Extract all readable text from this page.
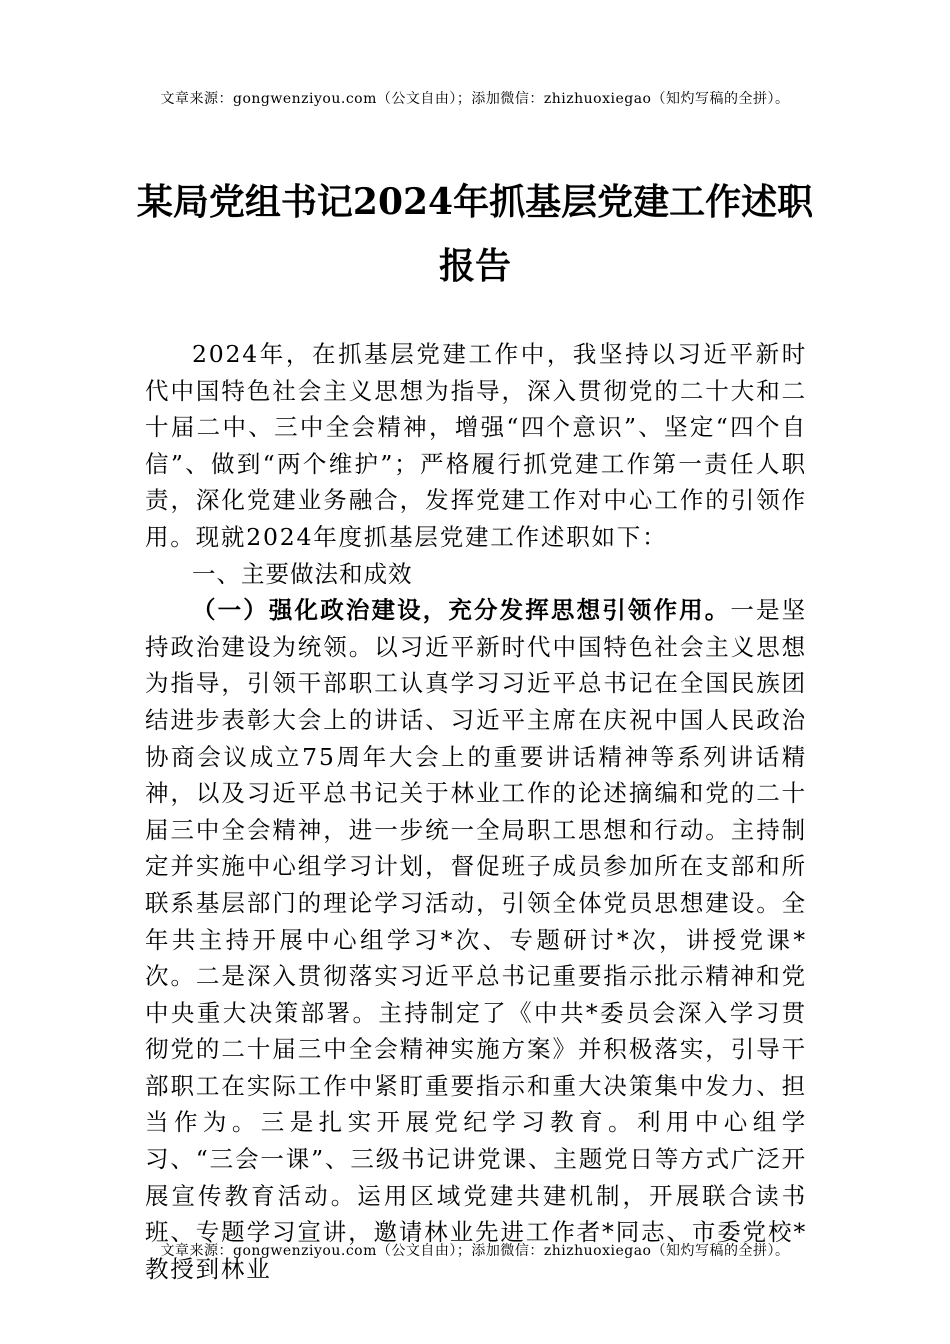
文章来源：gongwenziyou.com（公文自由）；添加微信：zhizhuoxiegao（知灼写稿的全拼）。
某局党组书记2024年抓基层党建工作述职报告

2024年，在抓基层党建工作中，我坚持以习近平新时代中国特色社会主义思想为指导，深入贯彻党的二十大和二十届二中、三中全会精神，增强“四个意识”、坚定“四个自信”、做到“两个维护”；严格履行抓党建工作第一责任人职责，深化党建业务融合，发挥党建工作对中心工作的引领作用。现就2024年度抓基层党建工作述职如下：

一、主要做法和成效

（一）强化政治建设，充分发挥思想引领作用。一是坚持政治建设为统领。以习近平新时代中国特色社会主义思想为指导，引领干部职工认真学习习近平总书记在全国民族团结进步表彰大会上的讲话、习近平主席在庆祝中国人民政治协商会议成立75周年大会上的重要讲话精神等系列讲话精神，以及习近平总书记关于林业工作的论述摘编和党的二十届三中全会精神，进一步统一全局职工思想和行动。主持制定并实施中心组学习计划，督促班子成员参加所在支部和所联系基层部门的理论学习活动，引领全体党员思想建设。全年共主持开展中心组学习*次、专题研讨*次，讲授党课*次。二是深入贯彻落实习近平总书记重要指示批示精神和党中央重大决策部署。主持制定了《中共*委员会深入学习贯彻党的二十届三中全会精神实施方案》并积极落实，引导干部职工在实际工作中紧盯重要指示和重大决策集中发力、担当作为。三是扎实开展党纪学习教育。利用中心组学习、“三会一课”、三级书记讲党课、主题党日等方式广泛开展宣传教育活动。运用区域党建共建机制，开展联合读书班、专题学习宣讲，邀请林业先进工作者*同志、市委党校*教授到林业

文章来源：gongwenziyou.com（公文自由）；添加微信：zhizhuoxiegao（知灼写稿的全拼）。
